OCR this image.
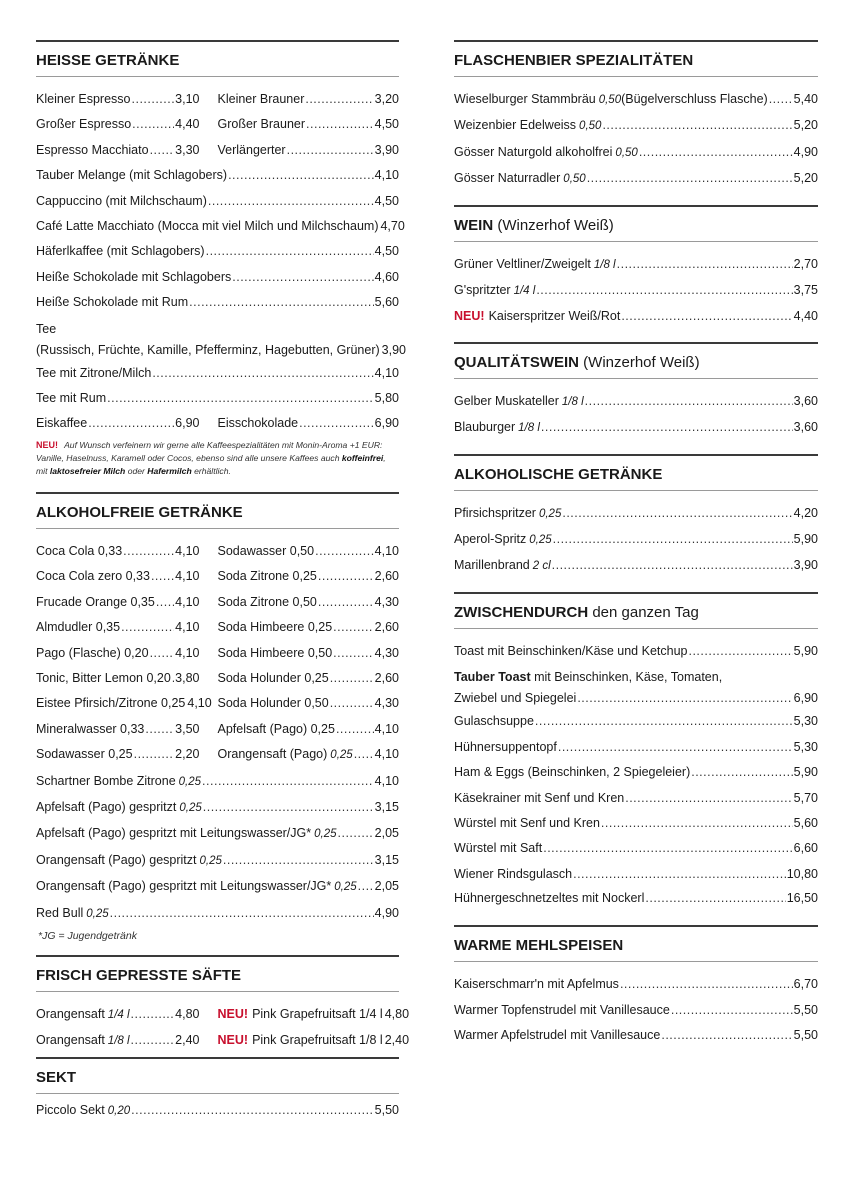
HEISSE GETRÄNKE
Kleiner Espresso .....	3,10 Kleiner Brauner .....	3,20
Großer Espresso .....	4,40 Großer Brauner .....	4,50
Espresso Macchiato ..... 3,30 Verlängerter .....	3,90
Tauber Melange (mit Schlagobers) .....	4,10
Cappuccino (mit Milchschaum) .....	4,50
Café Latte Macchiato (Mocca mit viel Milch und Milchschaum) 4,70
Häferlkaffee (mit Schlagobers) .....	4,50
Heiße Schokolade mit Schlagobers .....	4,60
Heiße Schokolade mit Rum .....	5,60
Tee
(Russisch, Früchte, Kamille, Pfefferminz, Hagebutten, Grüner) 3,90
Tee mit Zitrone/Milch .....	4,10
Tee mit Rum .....	5,80
Eiskaffee .....	6,90 Eisschokolade .....	6,90
NEU! Auf Wunsch verfeinern wir gerne alle Kaffeespezialitäten mit Monin-Aroma +1 EUR: Vanille, Haselnuss, Karamell oder Cocos, ebenso sind alle unsere Kaffees auch koffeinfrei, mit laktosefreier Milch oder Hafermilch erhältlich.
ALKOHOLFREIE GETRÄNKE
Coca Cola 0,33 .....	4,10 Sodawasser 0,50 .....	4,10
Coca Cola zero 0,33 ..... 4,10 Soda Zitrone 0,25 .....	2,60
Frucade Orange 0,35 ..... 4,10 Soda Zitrone 0,50 .....	4,30
Almdudler 0,35 .....	4,10 Soda Himbeere 0,25 .....	2,60
Pago (Flasche) 0,20 ..... 4,10 Soda Himbeere 0,50 .....	4,30
Tonic, Bitter Lemon 0,20 ..... 3,80 Soda Holunder 0,25 .....	2,60
Eistee Pfirsich/Zitrone 0,25 4,10 Soda Holunder 0,50 .....	4,30
Mineralwasser 0,33 ..... 3,50 Apfelsaft (Pago) 0,25 .....	4,10
Sodawasser 0,25 .....	2,20 Orangensaft (Pago) 0,25 ..... 4,10
Schartner Bombe Zitrone 0,25 .....	4,10
Apfelsaft (Pago) gespritzt 0,25 .....	3,15
Apfelsaft (Pago) gespritzt mit Leitungswasser/JG* 0,25 .....	2,05
Orangensaft (Pago) gespritzt 0,25 .....	3,15
Orangensaft (Pago) gespritzt mit Leitungswasser/JG* 0,25 ..... 2,05
Red Bull 0,25 .....	4,90
*JG = Jugendgetränk
FRISCH GEPRESSTE SÄFTE
Orangensaft 1/4 l .....	4,80 NEU! Pink Grapefruitsaft 1/4 l 4,80
Orangensaft 1/8 l .....	2,40 NEU! Pink Grapefruitsaft 1/8 l 2,40
SEKT
Piccolo Sekt 0,20 .....	5,50
FLASCHENBIER SPEZIALITÄTEN
Wieselburger Stammbräu 0,50 (Bügelverschluss Flasche) ..... 5,40
Weizenbier Edelweiss 0,50 .....	5,20
Gösser Naturgold alkoholfrei 0,50 .....	4,90
Gösser Naturradler 0,50 .....	5,20
WEIN (Winzerhof Weiß)
Grüner Veltliner/Zweigelt 1/8 l .....	2,70
G'spritzter 1/4 l .....	3,75
NEU! Kaiserspritzer Weiß/Rot .....	4,40
QUALITÄTSWEIN (Winzerhof Weiß)
Gelber Muskateller 1/8 l .....	3,60
Blauburger 1/8 l .....	3,60
ALKOHOLISCHE GETRÄNKE
Pfirsichspritzer 0,25 .....	4,20
Aperol-Spritz 0,25 .....	5,90
Marillenbrand 2 cl .....	3,90
ZWISCHENDURCH den ganzen Tag
Toast mit Beinschinken/Käse und Ketchup .....	5,90
Tauber Toast mit Beinschinken, Käse, Tomaten,
Zwiebel und Spiegelei .....	6,90
Gulaschsuppe .....	5,30
Hühnersuppentopf .....	5,30
Ham & Eggs (Beinschinken, 2 Spiegeleier) .....	5,90
Käsekrainer mit Senf und Kren .....	5,70
Würstel mit Senf und Kren .....	5,60
Würstel mit Saft .....	6,60
Wiener Rindsgulasch .....	10,80
Hühnergeschnetzeltes mit Nockerl .....	16,50
WARME MEHLSPEISEN
Kaiserschmarr'n mit Apfelmus .....	6,70
Warmer Topfenstrudel mit Vanillesauce .....	5,50
Warmer Apfelstrudel mit Vanillesauce .....	5,50
